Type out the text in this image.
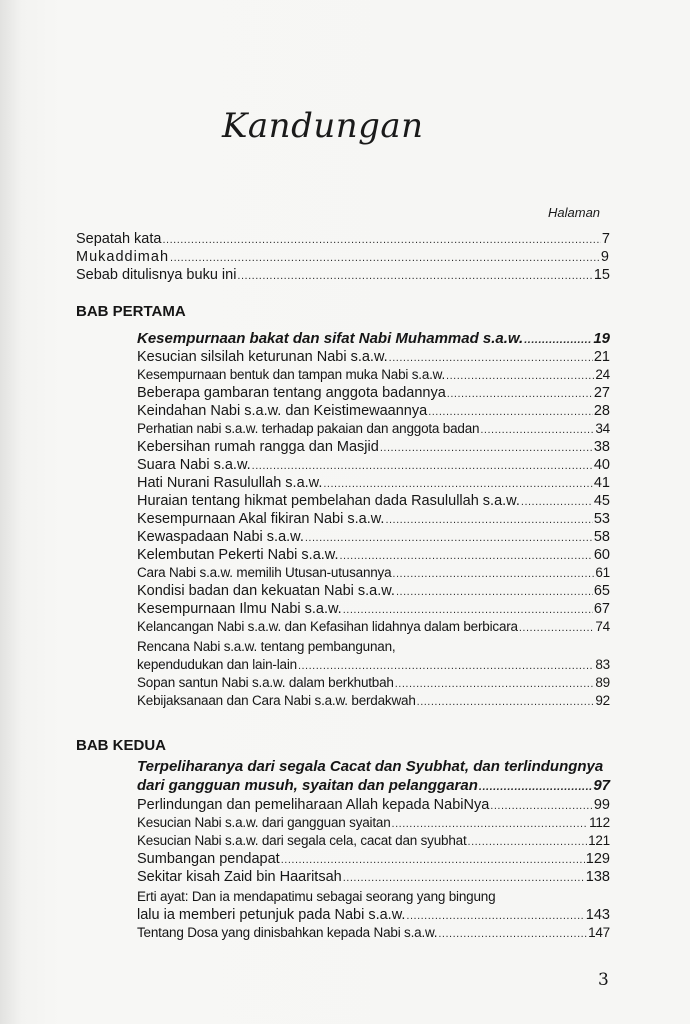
Kandungan
Halaman
Sepatah kata .....	7
Mukaddimah .....	9
Sebab ditulisnya buku ini .....	15
BAB PERTAMA
Kesempurnaan bakat dan sifat Nabi Muhammad s.a.w. .....	19
Kesucian silsilah keturunan Nabi s.a.w. .....	21
Kesempurnaan bentuk dan tampan muka Nabi s.a.w. .....	24
Beberapa gambaran tentang anggota badannya .....	27
Keindahan Nabi s.a.w. dan Keistimewaannya .....	28
Perhatian nabi s.a.w. terhadap pakaian dan anggota badan .....	34
Kebersihan rumah rangga dan Masjid .....	38
Suara Nabi s.a.w. .....	40
Hati Nurani Rasulullah s.a.w. .....	41
Huraian tentang hikmat pembelahan dada Rasulullah s.a.w. .....	45
Kesempurnaan Akal fikiran Nabi s.a.w. .....	53
Kewaspadaan Nabi s.a.w. .....	58
Kelembutan Pekerti Nabi s.a.w. .....	60
Cara Nabi s.a.w. memilih Utusan-utusannya .....	61
Kondisi badan dan kekuatan Nabi s.a.w. .....	65
Kesempurnaan Ilmu Nabi s.a.w. .....	67
Kelancangan Nabi s.a.w. dan Kefasihan lidahnya dalam berbicara .....	74
Rencana Nabi s.a.w. tentang pembangunan,
kependudukan dan lain-lain .....	83
Sopan santun Nabi s.a.w. dalam berkhutbah .....	89
Kebijaksanaan dan Cara Nabi s.a.w. berdakwah .....	92
BAB KEDUA
Terpeliharanya dari segala Cacat dan Syubhat, dan terlindungnya
dari gangguan musuh, syaitan dan pelanggaran .....	97
Perlindungan dan pemeliharaan Allah kepada NabiNya .....	99
Kesucian Nabi s.a.w. dari gangguan syaitan .....	112
Kesucian Nabi s.a.w. dari segala cela, cacat dan syubhat .....	121
Sumbangan pendapat .....	129
Sekitar kisah Zaid bin Haaritsah .....	138
Erti ayat: Dan ia mendapatimu sebagai seorang yang bingung
lalu ia memberi petunjuk pada Nabi s.a.w. .....	143
Tentang Dosa yang dinisbahkan kepada Nabi s.a.w. .....	147
3
